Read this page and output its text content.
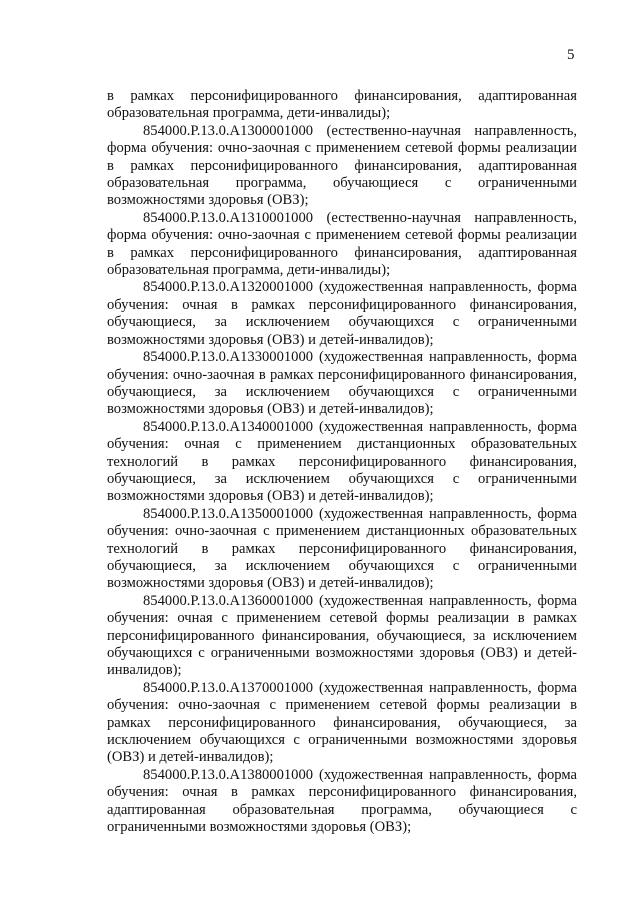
5

в рамках персонифицированного финансирования, адаптированная образовательная программа, дети-инвалиды);

854000.Р.13.0.А1300001000 (естественно-научная направленность, форма обучения: очно-заочная с применением сетевой формы реализации в рамках персонифицированного финансирования, адаптированная образовательная программа, обучающиеся с ограниченными возможностями здоровья (ОВЗ);

854000.Р.13.0.А1310001000 (естественно-научная направленность, форма обучения: очно-заочная с применением сетевой формы реализации в рамках персонифицированного финансирования, адаптированная образовательная программа, дети-инвалиды);

854000.Р.13.0.А1320001000 (художественная направленность, форма обучения: очная в рамках персонифицированного финансирования, обучающиеся, за исключением обучающихся с ограниченными возможностями здоровья (ОВЗ) и детей-инвалидов);

854000.Р.13.0.А1330001000 (художественная направленность, форма обучения: очно-заочная в рамках персонифицированного финансирования, обучающиеся, за исключением обучающихся с ограниченными возможностями здоровья (ОВЗ) и детей-инвалидов);

854000.Р.13.0.А1340001000 (художественная направленность, форма обучения: очная с применением дистанционных образовательных технологий в рамках персонифицированного финансирования, обучающиеся, за исключением обучающихся с ограниченными возможностями здоровья (ОВЗ) и детей-инвалидов);

854000.Р.13.0.А1350001000 (художественная направленность, форма обучения: очно-заочная с применением дистанционных образовательных технологий в рамках персонифицированного финансирования, обучающиеся, за исключением обучающихся с ограниченными возможностями здоровья (ОВЗ) и детей-инвалидов);

854000.Р.13.0.А1360001000 (художественная направленность, форма обучения: очная с применением сетевой формы реализации в рамках персонифицированного финансирования, обучающиеся, за исключением обучающихся с ограниченными возможностями здоровья (ОВЗ) и детей-инвалидов);

854000.Р.13.0.А1370001000 (художественная направленность, форма обучения: очно-заочная с применением сетевой формы реализации в рамках персонифицированного финансирования, обучающиеся, за исключением обучающихся с ограниченными возможностями здоровья (ОВЗ) и детей-инвалидов);

854000.Р.13.0.А1380001000 (художественная направленность, форма обучения: очная в рамках персонифицированного финансирования, адаптированная образовательная программа, обучающиеся с ограниченными возможностями здоровья (ОВЗ);
